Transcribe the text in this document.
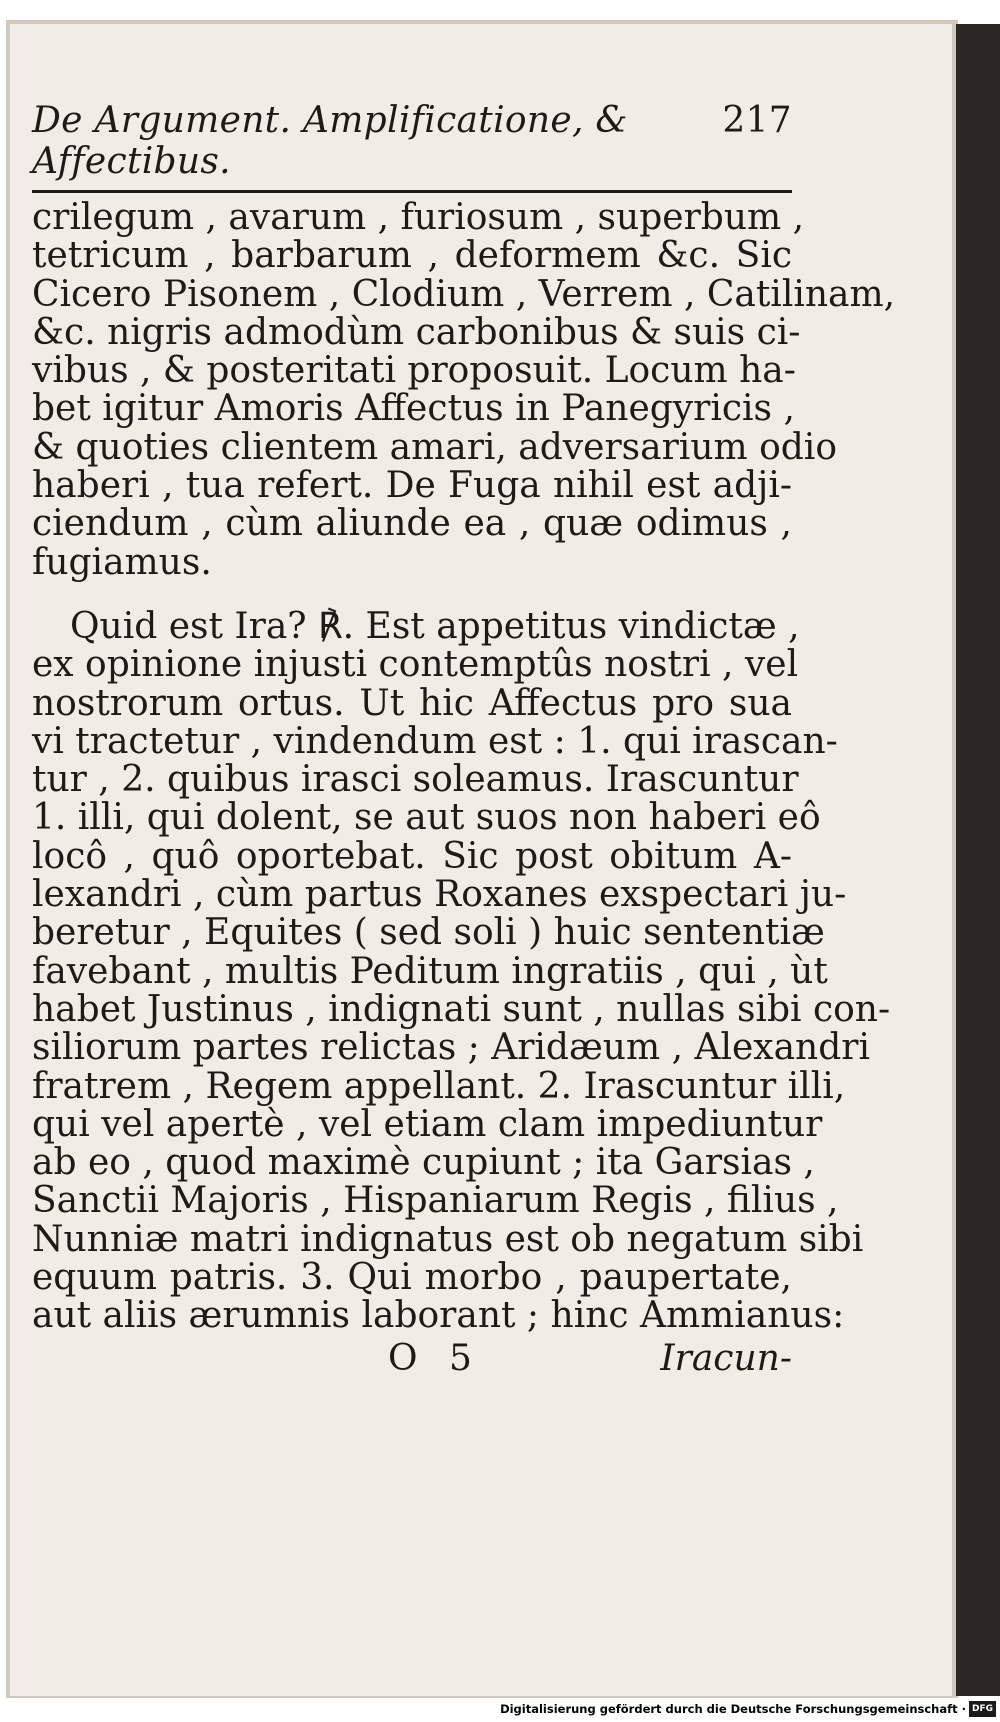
De Argument. Amplificatione, & Affectibus.
217
crilegum , avarum , furiosum , superbum ,
tetricum , barbarum , deformem &c. Sic
Cicero Pisonem , Clodium , Verrem , Catilinam,
&c. nigris admodùm carbonibus & suis ci-
vibus , & posteritati proposuit. Locum ha-
bet igitur Amoris Affectus in Panegyricis ,
& quoties clientem amari, adversarium odio
haberi , tua refert. De Fuga nihil est adji-
ciendum , cùm aliunde ea , quæ odimus ,
fugiamus.
Quid est Ira? ℟. Est appetitus vindictæ ,
ex opinione injusti contemptûs nostri , vel
nostrorum ortus. Ut hic Affectus pro sua
vi tractetur , vindendum est : 1. qui irascan-
tur , 2. quibus irasci soleamus. Irascuntur
1. illi, qui dolent, se aut suos non haberi eô
locô , quô oportebat. Sic post obitum A-
lexandri , cùm partus Roxanes exspectari ju-
beretur , Equites ( sed soli ) huic sententiæ
favebant , multis Peditum ingratiis , qui , ùt
habet Justinus , indignati sunt , nullas sibi con-
siliorum partes relictas ; Aridæum , Alexandri
fratrem , Regem appellant. 2. Irascuntur illi,
qui vel apertè , vel etiam clam impediuntur
ab eo , quod maximè cupiunt ; ita Garsias ,
Sanctii Majoris , Hispaniarum Regis , filius ,
Nunniæ matri indignatus est ob negatum sibi
equum patris. 3. Qui morbo , paupertate,
aut aliis ærumnis laborant ; hinc Ammianus:
O 5	Iracun-
Digitalisierung gefördert durch die Deutsche Forschungsgemeinschaft · DFG
